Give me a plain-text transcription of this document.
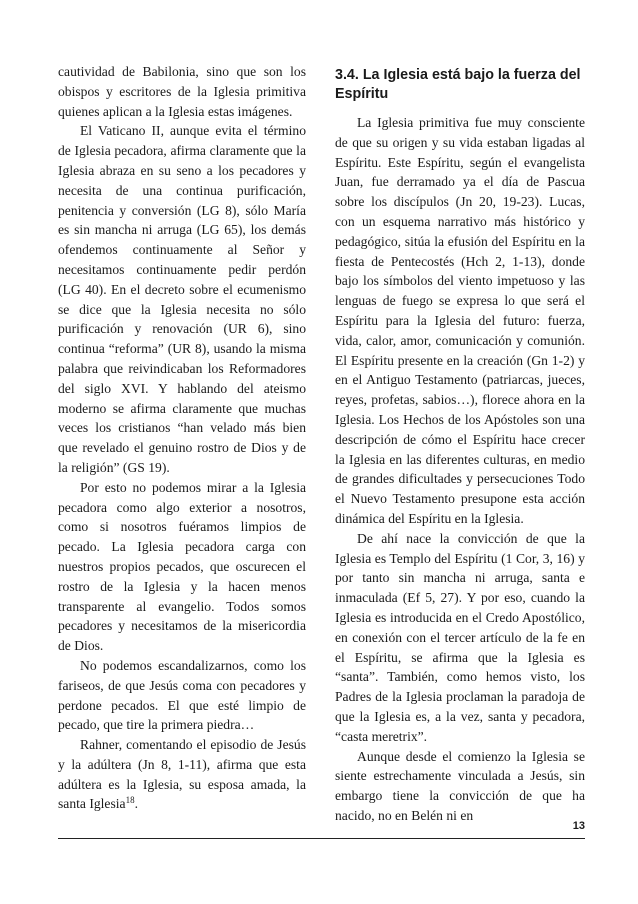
cautividad de Babilonia, sino que son los obispos y escritores de la Iglesia primitiva quienes aplican a la Iglesia estas imágenes.

El Vaticano II, aunque evita el término de Iglesia pecadora, afirma claramente que la Iglesia abraza en su seno a los pecadores y necesita de una continua purificación, penitencia y conversión (LG 8), sólo María es sin mancha ni arruga (LG 65), los demás ofendemos continuamente al Señor y necesitamos continuamente pedir perdón (LG 40). En el decreto sobre el ecumenismo se dice que la Iglesia necesita no sólo purificación y renovación (UR 6), sino continua “reforma” (UR 8), usando la misma palabra que reivindicaban los Reformadores del siglo XVI. Y hablando del ateismo moderno se afirma claramente que muchas veces los cristianos “han velado más bien que revelado el genuino rostro de Dios y de la religión” (GS 19).

Por esto no podemos mirar a la Iglesia pecadora como algo exterior a nosotros, como si nosotros fuéramos limpios de pecado. La Iglesia pecadora carga con nuestros propios pecados, que oscurecen el rostro de la Iglesia y la hacen menos transparente al evangelio. Todos somos pecadores y necesitamos de la misericordia de Dios.

No podemos escandalizarnos, como los fariseos, de que Jesús coma con pecadores y perdone pecados. El que esté limpio de pecado, que tire la primera piedra…

Rahner, comentando el episodio de Jesús y la adúltera (Jn 8, 1-11), afirma que esta adúltera es la Iglesia, su esposa amada, la santa Iglesia$^{18}$.

3.4. La Iglesia está bajo la fuerza del Espíritu

La Iglesia primitiva fue muy consciente de que su origen y su vida estaban ligadas al Espíritu. Este Espíritu, según el evangelista Juan, fue derramado ya el día de Pascua sobre los discípulos (Jn 20, 19-23). Lucas, con un esquema narrativo más histórico y pedagógico, sitúa la efusión del Espíritu en la fiesta de Pentecostés (Hch 2, 1-13), donde bajo los símbolos del viento impetuoso y las lenguas de fuego se expresa lo que será el Espíritu para la Iglesia del futuro: fuerza, vida, calor, amor, comunicación y comunión. El Espíritu presente en la creación (Gn 1-2) y en el Antiguo Testamento (patriarcas, jueces, reyes, profetas, sabios…), florece ahora en la Iglesia. Los Hechos de los Apóstoles son una descripción de cómo el Espíritu hace crecer la Iglesia en las diferentes culturas, en medio de grandes dificultades y persecuciones Todo el Nuevo Testamento presupone esta acción dinámica del Espíritu en la Iglesia.

De ahí nace la convicción de que la Iglesia es Templo del Espíritu (1 Cor, 3, 16) y por tanto sin mancha ni arruga, santa e inmaculada (Ef 5, 27). Y por eso, cuando la Iglesia es introducida en el Credo Apostólico, en conexión con el tercer artículo de la fe en el Espíritu, se afirma que la Iglesia es “santa”. También, como hemos visto, los Padres de la Iglesia proclaman la paradoja de que la Iglesia es, a la vez, santa y pecadora, “casta meretrix”.

Aunque desde el comienzo la Iglesia se siente estrechamente vinculada a Jesús, sin embargo tiene la convicción de que ha nacido, no en Belén ni en

13
